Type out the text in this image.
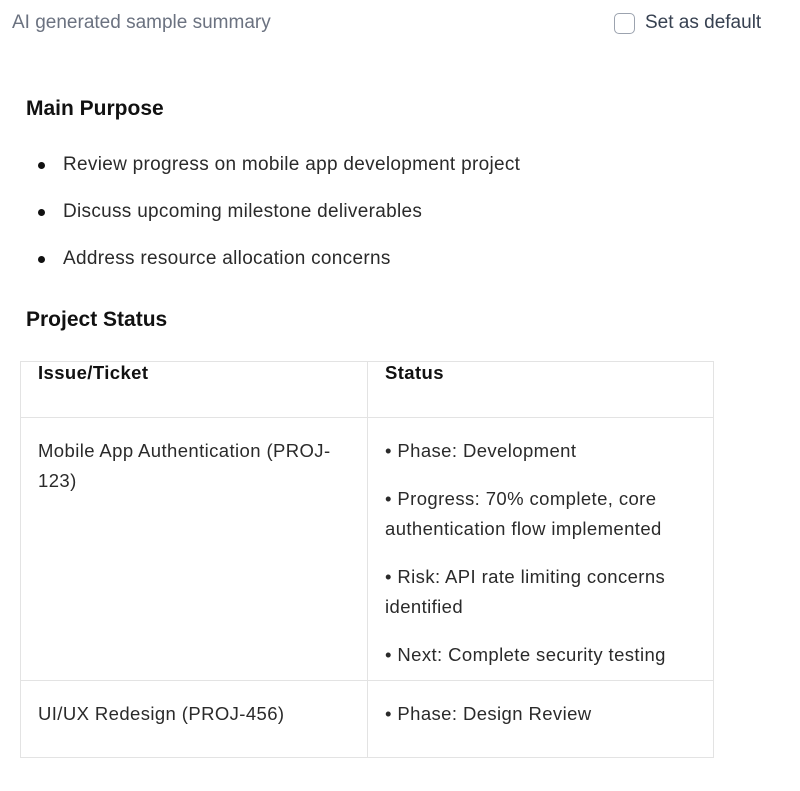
AI generated sample summary	Set as default
Main Purpose
Review progress on mobile app development project
Discuss upcoming milestone deliverables
Address resource allocation concerns
Project Status
Issue/Ticket	Status
Mobile App Authentication (PROJ-123)	• Phase: Development
• Progress: 70% complete, core authentication flow implemented
• Risk: API rate limiting concerns identified
• Next: Complete security testing

UI/UX Redesign (PROJ-456)	• Phase: Design Review
